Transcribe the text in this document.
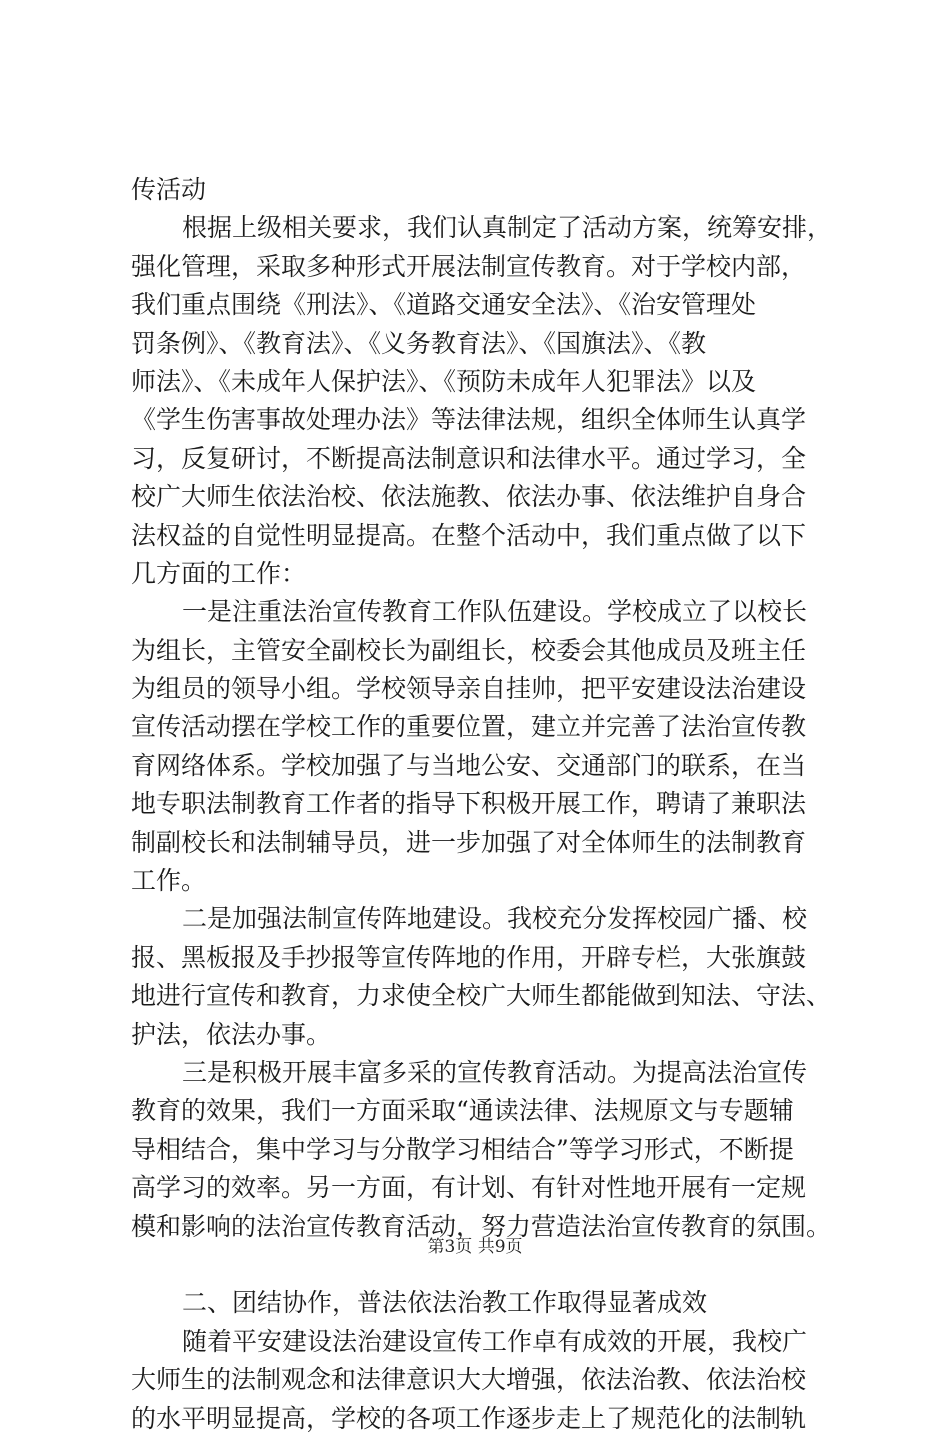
传活动
根据上级相关要求，我们认真制定了活动方案，统筹安排，
强化管理，采取多种形式开展法制宣传教育。对于学校内部，
我们重点围绕《刑法》、《道路交通安全法》、《治安管理处
罚条例》、《教育法》、《义务教育法》、《国旗法》、《教
师法》、《未成年人保护法》、《预防未成年人犯罪法》以及
《学生伤害事故处理办法》等法律法规，组织全体师生认真学
习，反复研讨，不断提高法制意识和法律水平。通过学习，全
校广大师生依法治校、依法施教、依法办事、依法维护自身合
法权益的自觉性明显提高。在整个活动中，我们重点做了以下
几方面的工作：
一是注重法治宣传教育工作队伍建设。学校成立了以校长
为组长，主管安全副校长为副组长，校委会其他成员及班主任
为组员的领导小组。学校领导亲自挂帅，把平安建设法治建设
宣传活动摆在学校工作的重要位置，建立并完善了法治宣传教
育网络体系。学校加强了与当地公安、交通部门的联系，在当
地专职法制教育工作者的指导下积极开展工作，聘请了兼职法
制副校长和法制辅导员，进一步加强了对全体师生的法制教育
工作。
二是加强法制宣传阵地建设。我校充分发挥校园广播、校
报、黑板报及手抄报等宣传阵地的作用，开辟专栏，大张旗鼓
地进行宣传和教育，力求使全校广大师生都能做到知法、守法、
护法，依法办事。
三是积极开展丰富多采的宣传教育活动。为提高法治宣传
教育的效果，我们一方面采取“通读法律、法规原文与专题辅
导相结合，集中学习与分散学习相结合”等学习形式，不断提
高学习的效率。另一方面，有计划、有针对性地开展有一定规
模和影响的法治宣传教育活动，努力营造法治宣传教育的氛围。
二、团结协作，普法依法治教工作取得显著成效
随着平安建设法治建设宣传工作卓有成效的开展，我校广
大师生的法制观念和法律意识大大增强，依法治教、依法治校
的水平明显提高，学校的各项工作逐步走上了规范化的法制轨
第3页 共9页
